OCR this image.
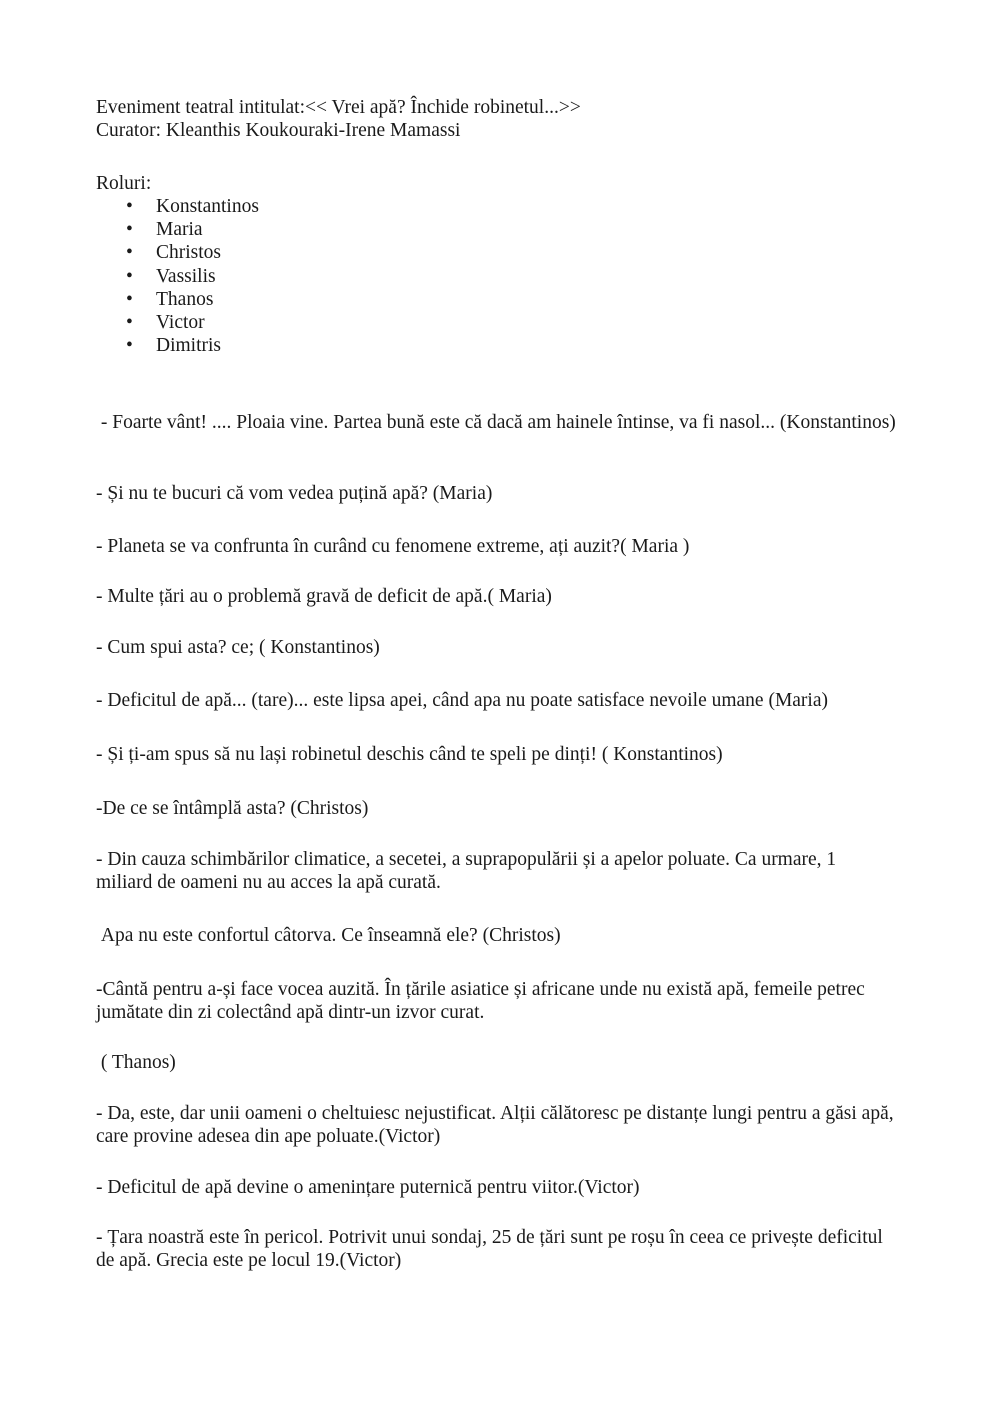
Eveniment teatral intitulat:<< Vrei apă? Închide robinetul...>>

Curator: Kleanthis Koukouraki-Irene Mamassi

Roluri:

• Konstantinos
• Maria
• Christos
• Vassilis
• Thanos
• Victor
• Dimitris

- Foarte vânt! .... Ploaia vine. Partea bună este că dacă am hainele întinse, va fi nasol... (Konstantinos)

- Și nu te bucuri că vom vedea puțină apă? (Maria)

- Planeta se va confrunta în curând cu fenomene extreme, ați auzit?( Maria )

- Multe țări au o problemă gravă de deficit de apă.( Maria)

- Cum spui asta? ce; ( Konstantinos)

- Deficitul de apă... (tare)... este lipsa apei, când apa nu poate satisface nevoile umane (Maria)

- Și ți-am spus să nu lași robinetul deschis când te speli pe dinți! ( Konstantinos)

-De ce se întâmplă asta? (Christos)

- Din cauza schimbărilor climatice, a secetei, a suprapopulării și a apelor poluate. Ca urmare, 1 miliard de oameni nu au acces la apă curată.

Apa nu este confortul câtorva. Ce înseamnă ele? (Christos)

-Cântă pentru a-și face vocea auzită. În țările asiatice și africane unde nu există apă, femeile petrec jumătate din zi colectând apă dintr-un izvor curat.

( Thanos)

- Da, este, dar unii oameni o cheltuiesc nejustificat. Alții călătoresc pe distanțe lungi pentru a găsi apă, care provine adesea din ape poluate.(Victor)

- Deficitul de apă devine o amenințare puternică pentru viitor.(Victor)

- Țara noastră este în pericol. Potrivit unui sondaj, 25 de țări sunt pe roșu în ceea ce privește deficitul de apă. Grecia este pe locul 19.(Victor)
